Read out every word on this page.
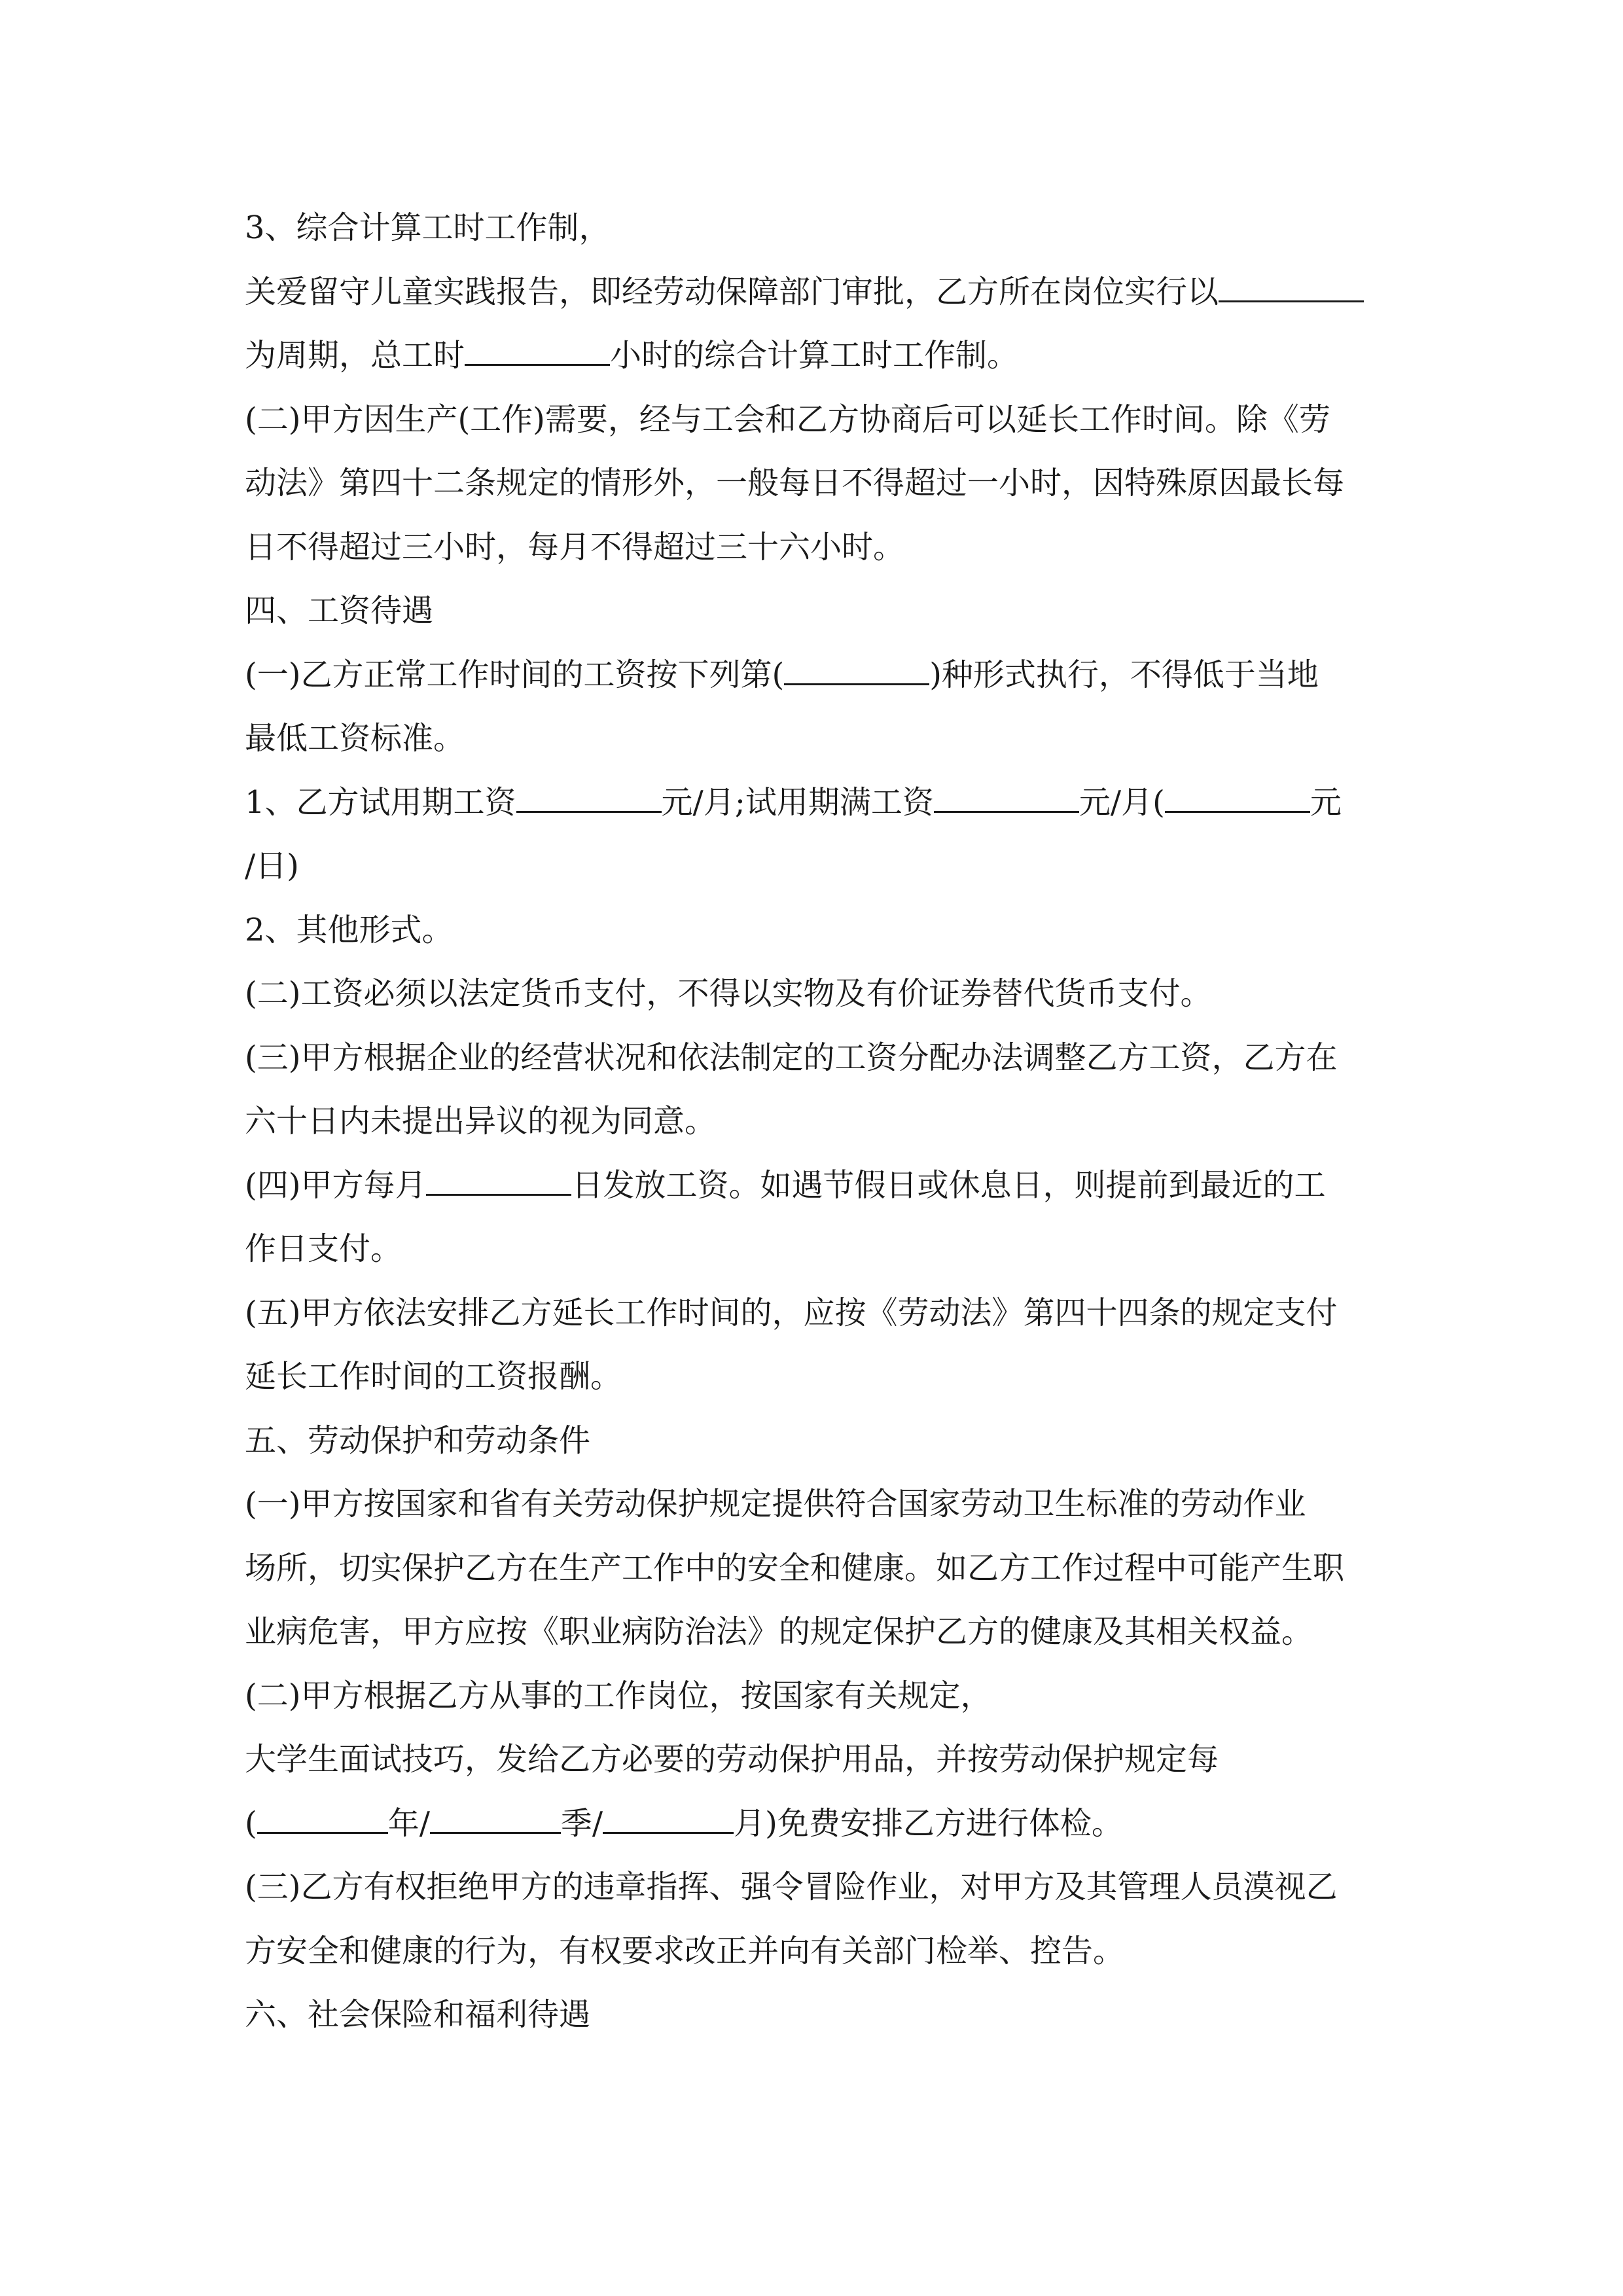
3、综合计算工时工作制，
关爱留守儿童实践报告，即经劳动保障部门审批，乙方所在岗位实行以
为周期，总工时	小时的综合计算工时工作制。
(二)甲方因生产(工作)需要，经与工会和乙方协商后可以延长工作时间。除《劳
动法》第四十二条规定的情形外，一般每日不得超过一小时，因特殊原因最长每
日不得超过三小时，每月不得超过三十六小时。
四、工资待遇
(一)乙方正常工作时间的工资按下列第(	)种形式执行，不得低于当地
最低工资标准。
1、乙方试用期工资	元/月;试用期满工资	元/月(	元
/日)
2、其他形式。
(二)工资必须以法定货币支付，不得以实物及有价证券替代货币支付。
(三)甲方根据企业的经营状况和依法制定的工资分配办法调整乙方工资，乙方在
六十日内未提出异议的视为同意。
(四)甲方每月	日发放工资。如遇节假日或休息日，则提前到最近的工
作日支付。
(五)甲方依法安排乙方延长工作时间的，应按《劳动法》第四十四条的规定支付
延长工作时间的工资报酬。
五、劳动保护和劳动条件
(一)甲方按国家和省有关劳动保护规定提供符合国家劳动卫生标准的劳动作业
场所，切实保护乙方在生产工作中的安全和健康。如乙方工作过程中可能产生职
业病危害，甲方应按《职业病防治法》的规定保护乙方的健康及其相关权益。
(二)甲方根据乙方从事的工作岗位，按国家有关规定，
大学生面试技巧，发给乙方必要的劳动保护用品，并按劳动保护规定每
(	年/	季/	月)免费安排乙方进行体检。
(三)乙方有权拒绝甲方的违章指挥、强令冒险作业，对甲方及其管理人员漠视乙
方安全和健康的行为，有权要求改正并向有关部门检举、控告。
六、社会保险和福利待遇
